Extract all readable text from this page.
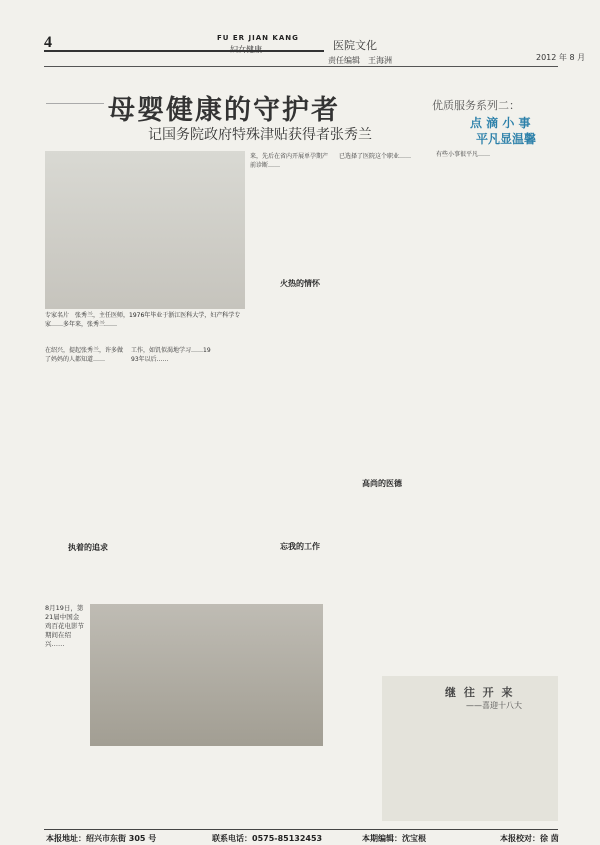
4	FU ER JIAN KANG
妇女健康	医院文化
2012 年 8 月
责任编辑　王海洲
母婴健康的守护者
记国务院政府特殊津贴获得者张秀兰
专家名片　张秀兰，主任医师，1976年毕业于浙江医科大学，妇产科学专家……多年来，张秀兰……
在绍兴，提起张秀兰，许多做了妈妈的人都知道……
工作，如饥似渴地学习……1993年以后……
来，先后在省内开展单孕期产前诊断……
已选择了医院这个职业……
执着的追求
火热的情怀
忘我的工作
高尚的医德
8月19日，第21届中国金鸡百花电影节期间在绍兴……
优质服务系列二：
点 滴 小 事
平凡显温馨
有些小事很平凡……
继 往 开 来
——喜迎十八大
本报地址：绍兴市东街 305 号	联系电话：0575-85132453	本期编辑：沈宝根	本报校对：徐 茵
